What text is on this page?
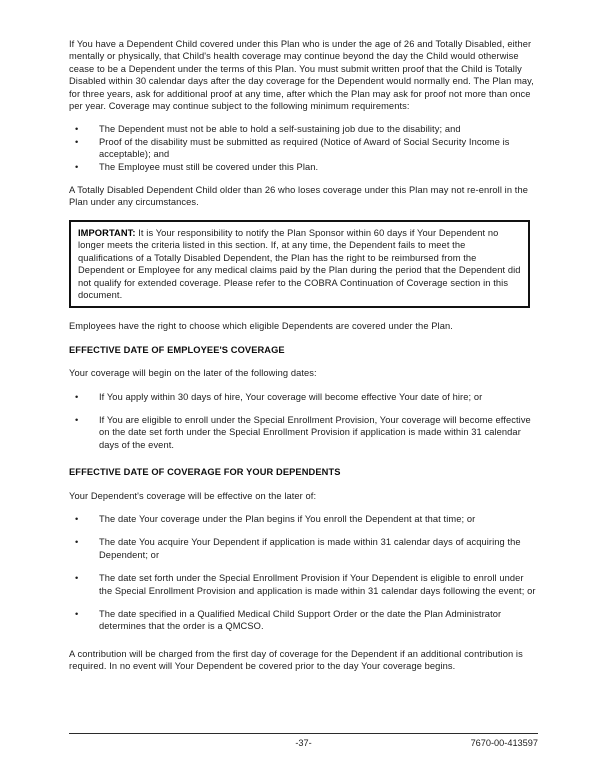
If You have a Dependent Child covered under this Plan who is under the age of 26 and Totally Disabled, either mentally or physically, that Child's health coverage may continue beyond the day the Child would otherwise cease to be a Dependent under the terms of this Plan. You must submit written proof that the Child is Totally Disabled within 30 calendar days after the day coverage for the Dependent would normally end. The Plan may, for three years, ask for additional proof at any time, after which the Plan may ask for proof not more than once per year. Coverage may continue subject to the following minimum requirements:

• The Dependent must not be able to hold a self-sustaining job due to the disability; and
• Proof of the disability must be submitted as required (Notice of Award of Social Security Income is acceptable); and
• The Employee must still be covered under this Plan.

A Totally Disabled Dependent Child older than 26 who loses coverage under this Plan may not re-enroll in the Plan under any circumstances.

IMPORTANT: It is Your responsibility to notify the Plan Sponsor within 60 days if Your Dependent no longer meets the criteria listed in this section. If, at any time, the Dependent fails to meet the qualifications of a Totally Disabled Dependent, the Plan has the right to be reimbursed from the Dependent or Employee for any medical claims paid by the Plan during the period that the Dependent did not qualify for extended coverage. Please refer to the COBRA Continuation of Coverage section in this document.

Employees have the right to choose which eligible Dependents are covered under the Plan.

EFFECTIVE DATE OF EMPLOYEE'S COVERAGE

Your coverage will begin on the later of the following dates:

• If You apply within 30 days of hire, Your coverage will become effective Your date of hire; or
• If You are eligible to enroll under the Special Enrollment Provision, Your coverage will become effective on the date set forth under the Special Enrollment Provision if application is made within 31 calendar days of the event.
EFFECTIVE DATE OF COVERAGE FOR YOUR DEPENDENTS

Your Dependent's coverage will be effective on the later of:

• The date Your coverage under the Plan begins if You enroll the Dependent at that time; or
• The date You acquire Your Dependent if application is made within 31 calendar days of acquiring the Dependent; or
• The date set forth under the Special Enrollment Provision if Your Dependent is eligible to enroll under the Special Enrollment Provision and application is made within 31 calendar days following the event; or
• The date specified in a Qualified Medical Child Support Order or the date the Plan Administrator determines that the order is a QMCSO.

A contribution will be charged from the first day of coverage for the Dependent if an additional contribution is required. In no event will Your Dependent be covered prior to the day Your coverage begins.

-37-	7670-00-413597
